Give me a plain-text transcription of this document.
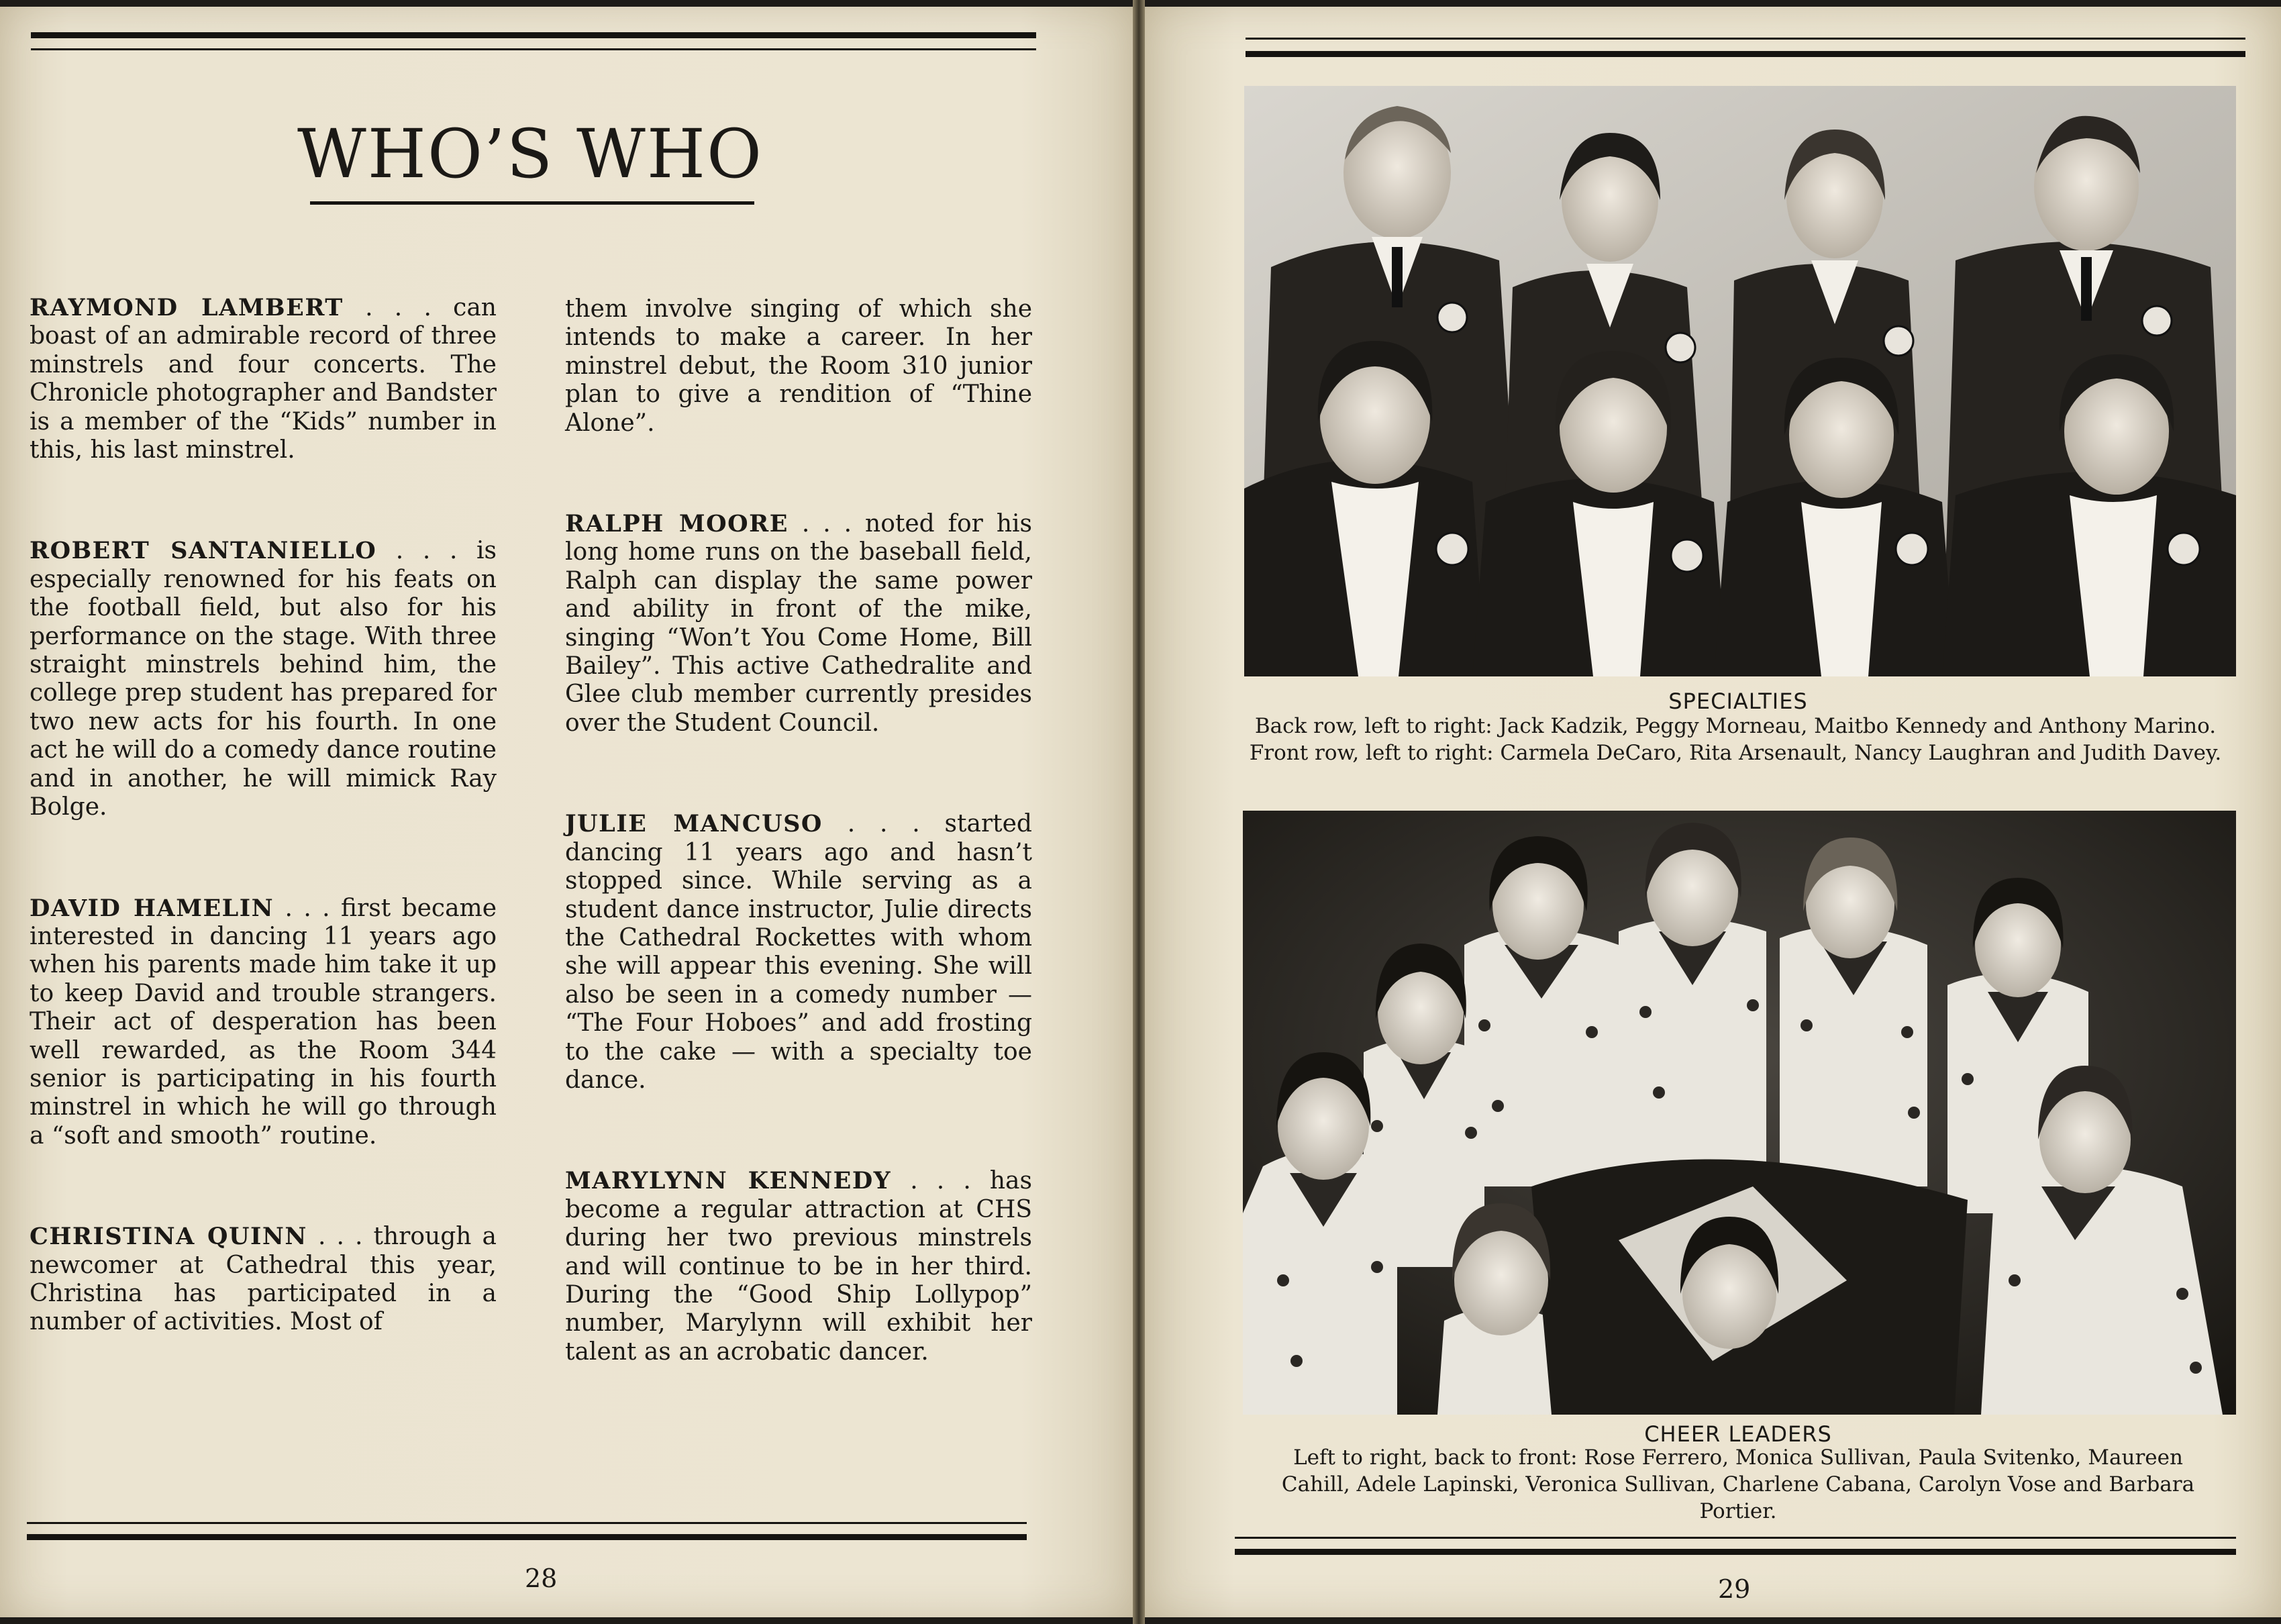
WHO’S WHO

RAYMOND LAMBERT . . . can boast of an admirable record of three minstrels and four concerts. The Chronicle photographer and Bandster is a member of the “Kids” number in this, his last minstrel.

ROBERT SANTANIELLO . . . is especially renowned for his feats on the football field, but also for his performance on the stage. With three straight minstrels behind him, the college prep student has prepared for two new acts for his fourth. In one act he will do a comedy dance routine and in another, he will mimick Ray Bolge.

DAVID HAMELIN . . . first became interested in dancing 11 years ago when his parents made him take it up to keep David and trouble strangers. Their act of desperation has been well rewarded, as the Room 344 senior is participating in his fourth minstrel in which he will go through a “soft and smooth” routine.

CHRISTINA QUINN . . . through a newcomer at Cathedral this year, Christina has participated in a number of activities. Most of

them involve singing of which she intends to make a career. In her minstrel debut, the Room 310 junior plan to give a rendition of “Thine Alone”.

RALPH MOORE . . . noted for his long home runs on the baseball field, Ralph can display the same power and ability in front of the mike, singing “Won’t You Come Home, Bill Bailey”. This active Cathedralite and Glee club member currently presides over the Student Council.

JULIE MANCUSO . . . started dancing 11 years ago and hasn’t stopped since. While serving as a student dance instructor, Julie directs the Cathedral Rockettes with whom she will appear this evening. She will also be seen in a comedy number — “The Four Hoboes” and add frosting to the cake — with a specialty toe dance.

MARYLYNN KENNEDY . . . has become a regular attraction at CHS during her two previous minstrels and will continue to be in her third. During the “Good Ship Lollypop” number, Marylynn will exhibit her talent as an acrobatic dancer.

28
SPECIALTIES
Back row, left to right: Jack Kadzik, Peggy Morneau, Maitbo Kennedy and Anthony Marino. Front row, left to right: Carmela DeCaro, Rita Arsenault, Nancy Laughran and Judith Davey.
CHEER LEADERS
Left to right, back to front: Rose Ferrero, Monica Sullivan, Paula Svitenko, Maureen Cahill, Adele Lapinski, Veronica Sullivan, Charlene Cabana, Carolyn Vose and Barbara Portier.
29
